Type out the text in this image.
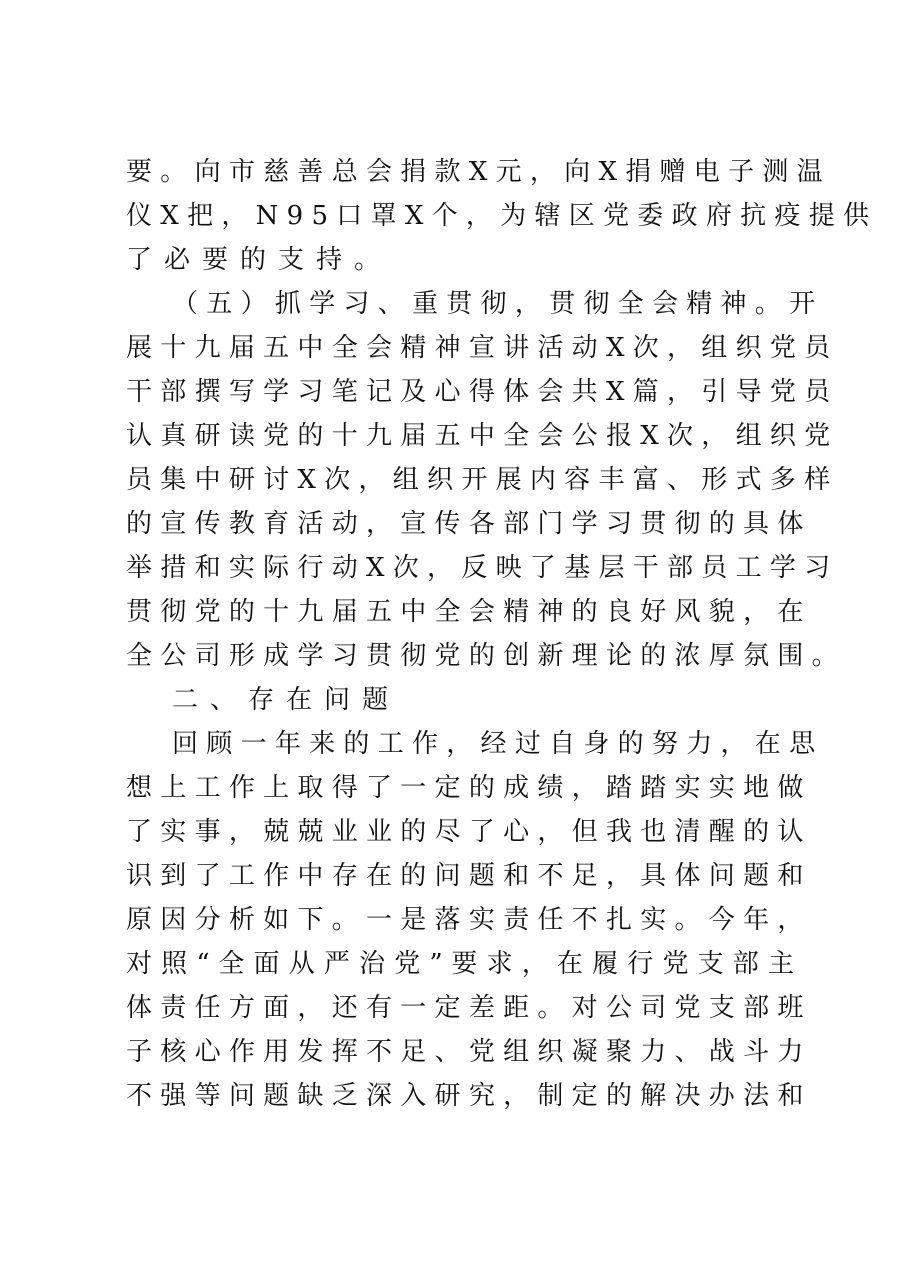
要 。 向 市 慈 善 总 会 捐 款 X 元 ， 向 X 捐 赠 电 子 测 温
仪 X 把 ， N 9 5 口 罩 X 个 ， 为 辖 区 党 委 政 府 抗 疫 提 供
了必要的支持。
（ 五 ） 抓 学 习 、 重 贯 彻 ， 贯 彻 全 会 精 神 。 开
展 十 九 届 五 中 全 会 精 神 宣 讲 活 动 X 次 ， 组 织 党 员
干 部 撰 写 学 习 笔 记 及 心 得 体 会 共 X 篇 ， 引 导 党 员
认 真 研 读 党 的 十 九 届 五 中 全 会 公 报 X 次 ， 组 织 党
员 集 中 研 讨 X 次 ， 组 织 开 展 内 容 丰 富 、 形 式 多 样
的 宣 传 教 育 活 动 ， 宣 传 各 部 门 学 习 贯 彻 的 具 体
举 措 和 实 际 行 动 X 次 ， 反 映 了 基 层 干 部 员 工 学 习
贯 彻 党 的 十 九 届 五 中 全 会 精 神 的 良 好 风 貌 ， 在
全 公 司 形 成 学 习 贯 彻 党 的 创 新 理 论 的 浓 厚 氛 围 。
二、存在问题
回 顾 一 年 来 的 工 作 ， 经 过 自 身 的 努 力 ， 在 思
想 上 工 作 上 取 得 了 一 定 的 成 绩 ， 踏 踏 实 实 地 做
了 实 事 ， 兢 兢 业 业 的 尽 了 心 ， 但 我 也 清 醒 的 认
识 到 了 工 作 中 存 在 的 问 题 和 不 足 ， 具 体 问 题 和
原 因 分 析 如 下 。 一 是 落 实 责 任 不 扎 实 。 今 年 ，
对 照 “ 全 面 从 严 治 党 ” 要 求 ， 在 履 行 党 支 部 主
体 责 任 方 面 ， 还 有 一 定 差 距 。 对 公 司 党 支 部 班
子 核 心 作 用 发 挥 不 足 、 党 组 织 凝 聚 力 、 战 斗 力
不 强 等 问 题 缺 乏 深 入 研 究 ， 制 定 的 解 决 办 法 和
